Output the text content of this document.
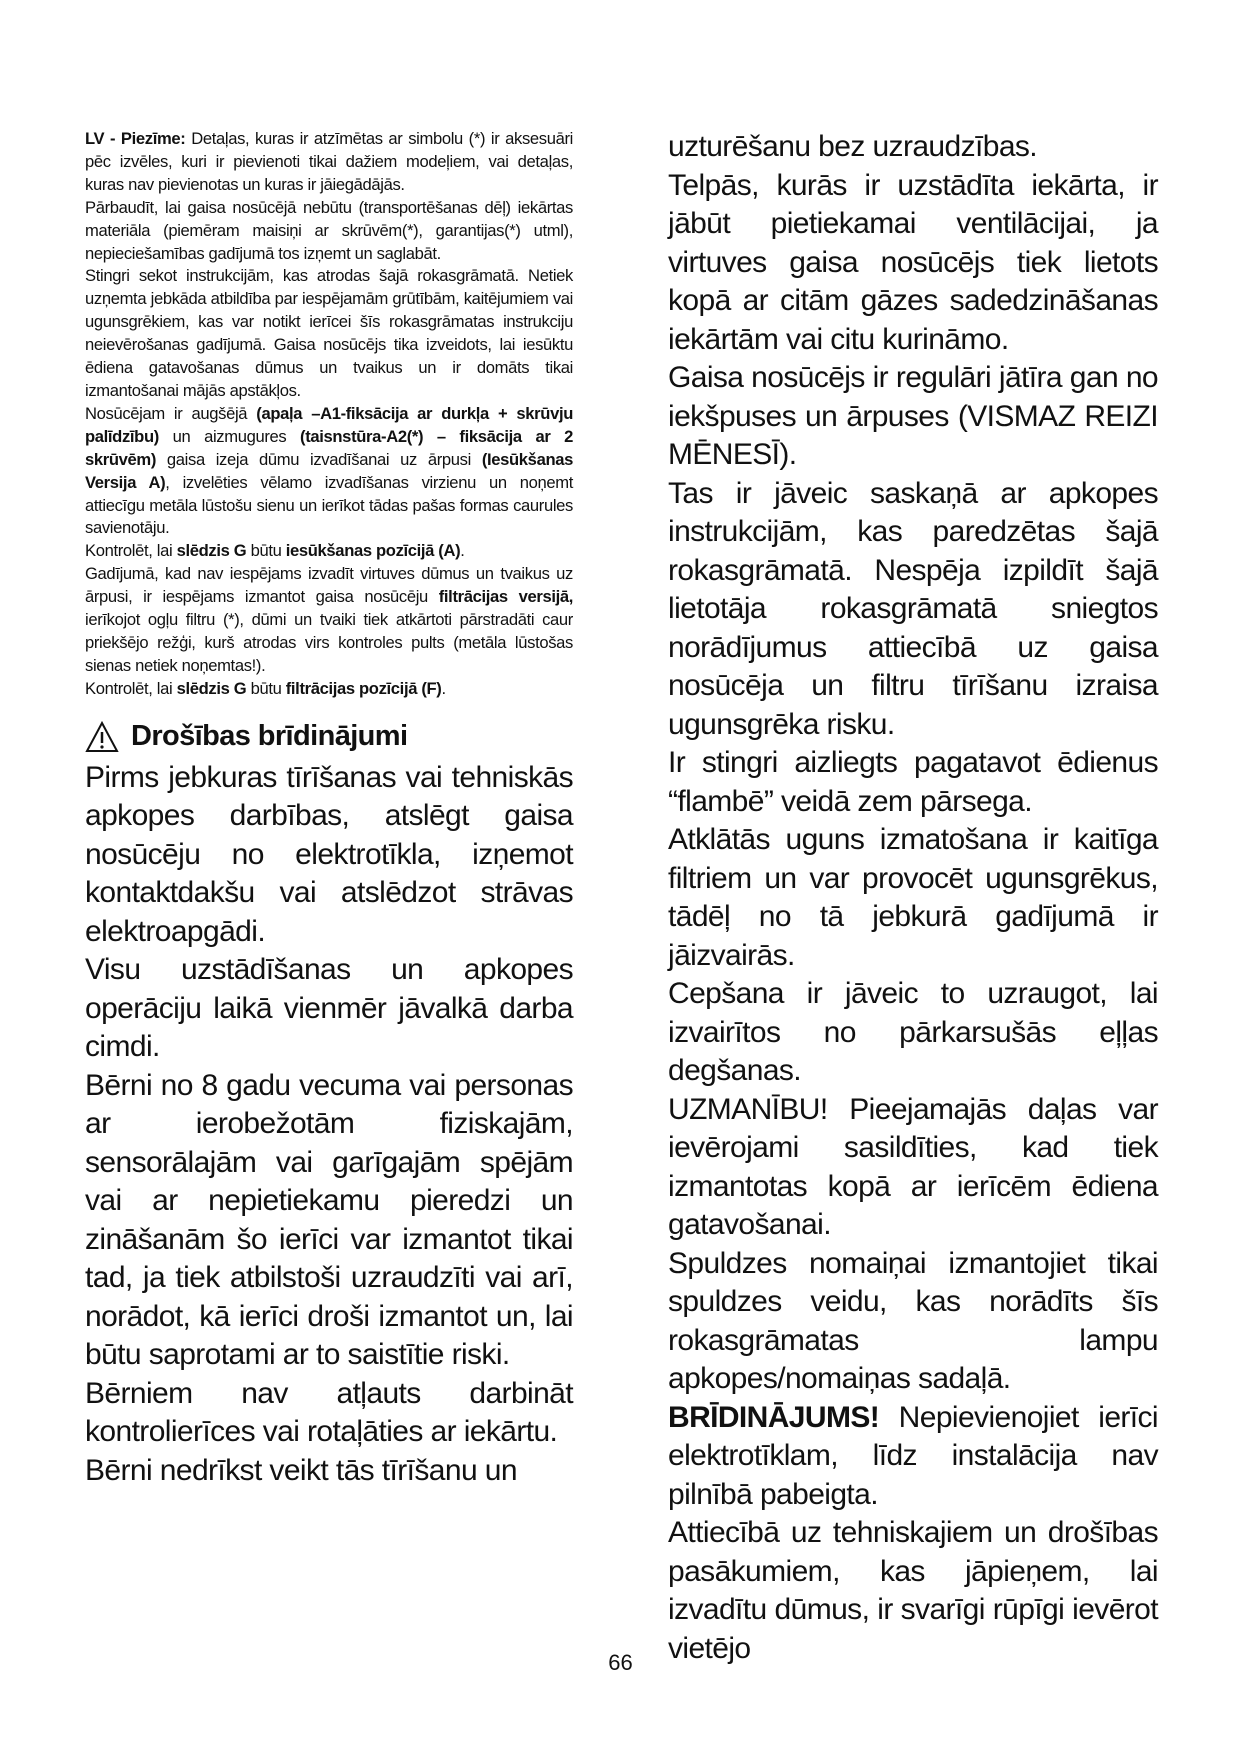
LV - Piezīme: Detaļas, kuras ir atzīmētas ar simbolu (*) ir aksesuāri pēc izvēles, kuri ir pievienoti tikai dažiem modeļiem, vai detaļas, kuras nav pievienotas un kuras ir jāiegādājās.

Pārbaudīt, lai gaisa nosūcējā nebūtu (transportēšanas dēļ) iekārtas materiāla (piemēram maisiņi ar skrūvēm(*), garantijas(*) utml), nepieciešamības gadījumā tos izņemt un saglabāt.

Stingri sekot instrukcijām, kas atrodas šajā rokasgrāmatā. Netiek uzņemta jebkāda atbildība par iespējamām grūtībām, kaitējumiem vai ugunsgrēkiem, kas var notikt ierīcei šīs rokasgrāmatas instrukciju neievērošanas gadījumā. Gaisa nosūcējs tika izveidots, lai iesūktu ēdiena gatavošanas dūmus un tvaikus un ir domāts tikai izmantošanai mājās apstākļos.

Nosūcējam ir augšējā (apaļa –A1-fiksācija ar durkļa + skrūvju palīdzību) un aizmugures (taisnstūra-A2(*) – fiksācija ar 2 skrūvēm) gaisa izeja dūmu izvadīšanai uz ārpusi (Iesūkšanas Versija A), izvelēties vēlamo izvadīšanas virzienu un noņemt attiecīgu metāla lūstošu sienu un ierīkot tādas pašas formas caurules savienotāju.

Kontrolēt, lai slēdzis G būtu iesūkšanas pozīcijā (A).

Gadījumā, kad nav iespējams izvadīt virtuves dūmus un tvaikus uz ārpusi, ir iespējams izmantot gaisa nosūcēju filtrācijas versijā, ierīkojot ogļu filtru (*), dūmi un tvaiki tiek atkārtoti pārstradāti caur priekšējo režģi, kurš atrodas virs kontroles pults (metāla lūstošas sienas netiek noņemtas!).

Kontrolēt, lai slēdzis G būtu filtrācijas pozīcijā (F).

Drošības brīdinājumi

Pirms jebkuras tīrīšanas vai tehniskās apkopes darbības, atslēgt gaisa nosūcēju no elektrotīkla, izņemot kontaktdakšu vai atslēdzot strāvas elektroapgādi.

Visu uzstādīšanas un apkopes operāciju laikā vienmēr jāvalkā darba cimdi.

Bērni no 8 gadu vecuma vai personas ar ierobežotām fiziskajām, sensorālajām vai garīgajām spējām vai ar nepietiekamu pieredzi un zināšanām šo ierīci var izmantot tikai tad, ja tiek atbilstoši uzraudzīti vai arī, norādot, kā ierīci droši izmantot un, lai būtu saprotami ar to saistītie riski.

Bērniem nav atļauts darbināt kontrolierīces vai rotaļāties ar iekārtu.

Bērni nedrīkst veikt tās tīrīšanu un

uzturēšanu bez uzraudzības.

Telpās, kurās ir uzstādīta iekārta, ir jābūt pietiekamai ventilācijai, ja virtuves gaisa nosūcējs tiek lietots kopā ar citām gāzes sadedzināšanas iekārtām vai citu kurināmo.

Gaisa nosūcējs ir regulāri jātīra gan no iekšpuses un ārpuses (VISMAZ REIZI MĒNESĪ).

Tas ir jāveic saskaņā ar apkopes instrukcijām, kas paredzētas šajā rokasgrāmatā. Nespēja izpildīt šajā lietotāja rokasgrāmatā sniegtos norādījumus attiecībā uz gaisa nosūcēja un filtru tīrīšanu izraisa ugunsgrēka risku.

Ir stingri aizliegts pagatavot ēdienus “flambē” veidā zem pārsega.

Atklātās uguns izmatošana ir kaitīga filtriem un var provocēt ugunsgrēkus, tādēļ no tā jebkurā gadījumā ir jāizvairās.

Cepšana ir jāveic to uzraugot, lai izvairītos no pārkarsušās eļļas degšanas.

UZMANĪBU! Pieejamajās daļas var ievērojami sasildīties, kad tiek izmantotas kopā ar ierīcēm ēdiena gatavošanai.

Spuldzes nomaiņai izmantojiet tikai spuldzes veidu, kas norādīts šīs rokasgrāmatas lampu apkopes/nomaiņas sadaļā.

BRĪDINĀJUMS! Nepievienojiet ierīci elektrotīklam, līdz instalācija nav pilnībā pabeigta.

Attiecībā uz tehniskajiem un drošības pasākumiem, kas jāpieņem, lai izvadītu dūmus, ir svarīgi rūpīgi ievērot vietējo

66
